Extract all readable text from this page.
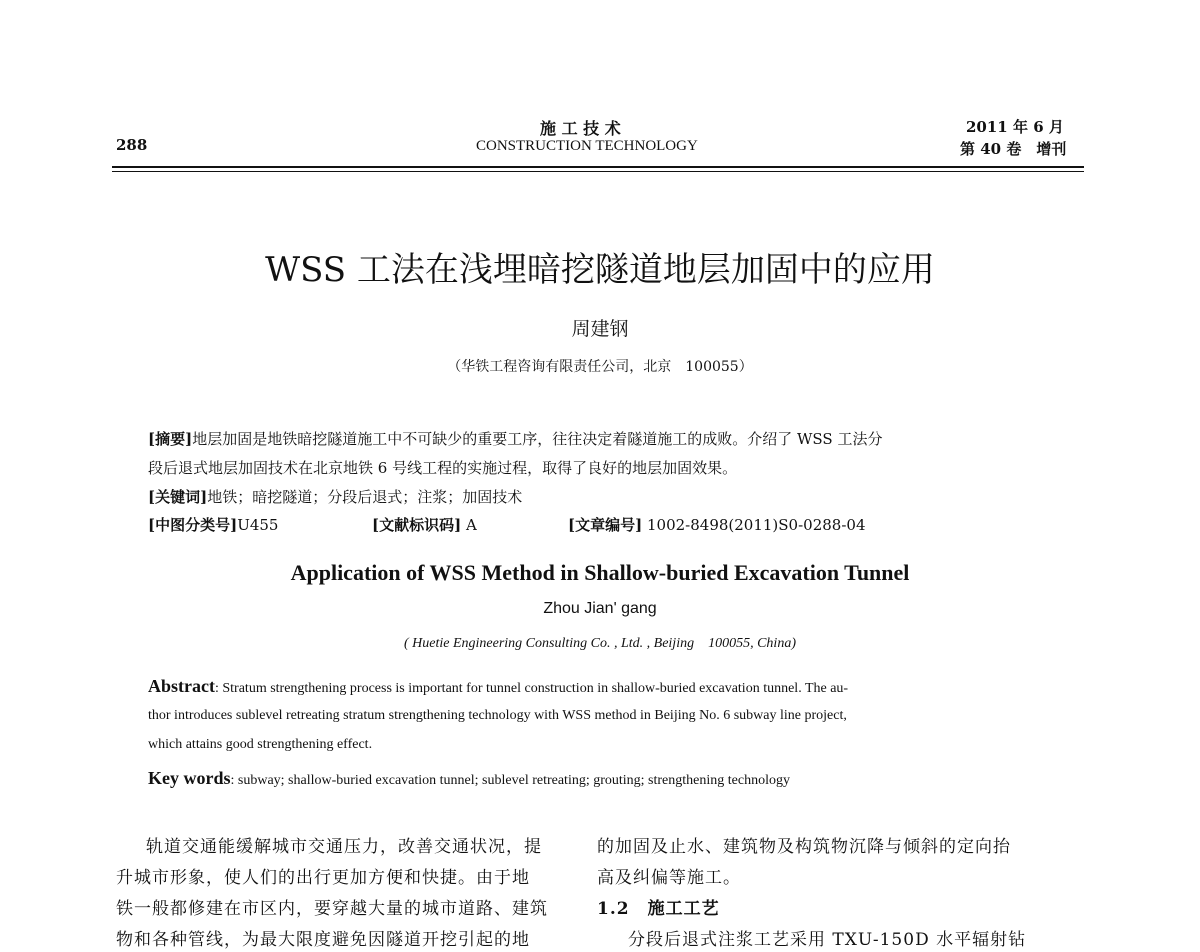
288
施 工 技 术
CONSTRUCTION TECHNOLOGY
2011 年 6 月
第 40 卷　增刊
WSS 工法在浅埋暗挖隧道地层加固中的应用
周建钢
（华铁工程咨询有限责任公司，北京　100055）
[摘要]地层加固是地铁暗挖隧道施工中不可缺少的重要工序，往往决定着隧道施工的成败。介绍了 WSS 工法分
段后退式地层加固技术在北京地铁 6 号线工程的实施过程，取得了良好的地层加固效果。
[关键词]地铁；暗挖隧道；分段后退式；注浆；加固技术
[中图分类号]U455	[文献标识码] A	[文章编号] 1002-8498(2011)S0-0288-04
Application of WSS Method in Shallow-buried Excavation Tunnel
Zhou Jian' gang
( Huetie Engineering Consulting Co. , Ltd. , Beijing　100055, China)
Abstract: Stratum strengthening process is important for tunnel construction in shallow-buried excavation tunnel. The au-
thor introduces sublevel retreating stratum strengthening technology with WSS method in Beijing No. 6 subway line project,
which attains good strengthening effect.
Key words: subway; shallow-buried excavation tunnel; sublevel retreating; grouting; strengthening technology
轨道交通能缓解城市交通压力，改善交通状况，提
升城市形象，使人们的出行更加方便和快捷。由于地
铁一般都修建在市区内，要穿越大量的城市道路、建筑
物和各种管线，为最大限度避免因隧道开挖引起的地
的加固及止水、建筑物及构筑物沉降与倾斜的定向抬
高及纠偏等施工。
1.2　施工工艺
分段后退式注浆工艺采用 TXU-150D 水平辐射钻
